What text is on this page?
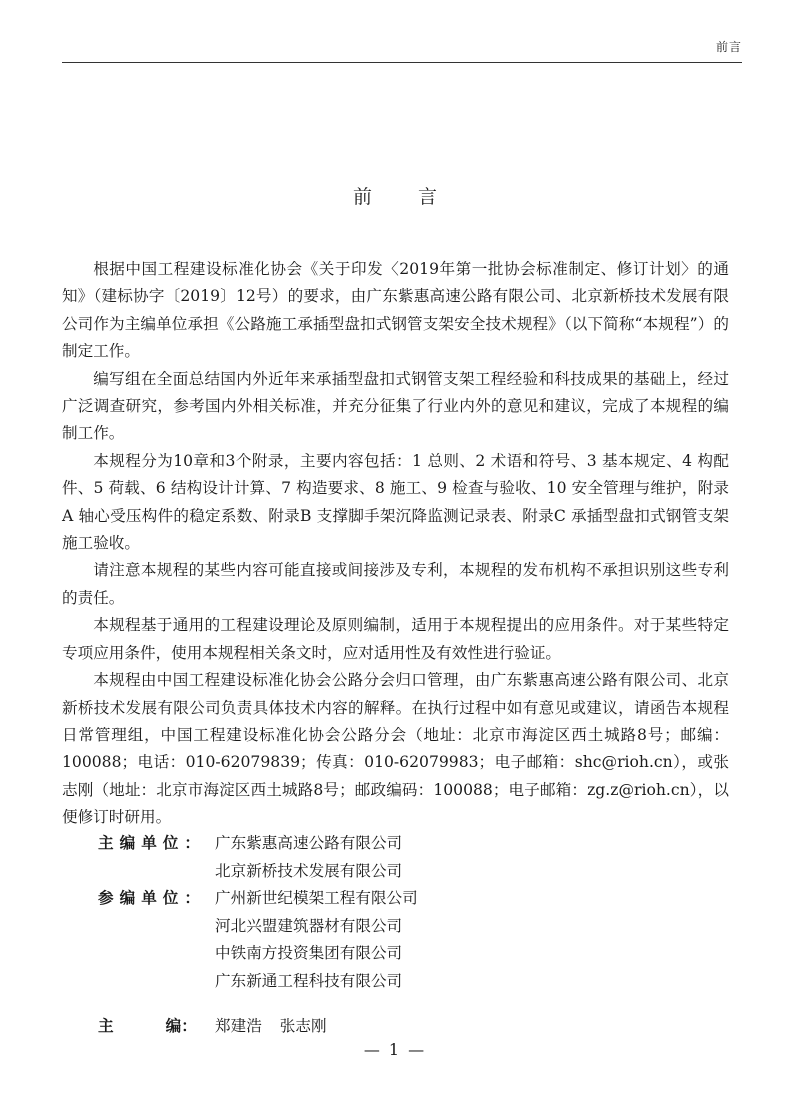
前言
前言

根据中国工程建设标准化协会《关于印发〈2019年第一批协会标准制定、修订计划〉的通知》（建标协字〔2019〕12号）的要求，由广东紫惠高速公路有限公司、北京新桥技术发展有限公司作为主编单位承担《公路施工承插型盘扣式钢管支架安全技术规程》（以下简称“本规程”）的制定工作。

编写组在全面总结国内外近年来承插型盘扣式钢管支架工程经验和科技成果的基础上，经过广泛调查研究，参考国内外相关标准，并充分征集了行业内外的意见和建议，完成了本规程的编制工作。

本规程分为10章和3个附录，主要内容包括：1 总则、2 术语和符号、3 基本规定、4 构配件、5 荷载、6 结构设计计算、7 构造要求、8 施工、9 检查与验收、10 安全管理与维护，附录A 轴心受压构件的稳定系数、附录B 支撑脚手架沉降监测记录表、附录C 承插型盘扣式钢管支架施工验收。

请注意本规程的某些内容可能直接或间接涉及专利，本规程的发布机构不承担识别这些专利的责任。

本规程基于通用的工程建设理论及原则编制，适用于本规程提出的应用条件。对于某些特定专项应用条件，使用本规程相关条文时，应对适用性及有效性进行验证。

本规程由中国工程建设标准化协会公路分会归口管理，由广东紫惠高速公路有限公司、北京新桥技术发展有限公司负责具体技术内容的解释。在执行过程中如有意见或建议，请函告本规程日常管理组，中国工程建设标准化协会公路分会（地址：北京市海淀区西土城路8号；邮编：100088；电话：010-62079839；传真：010-62079983；电子邮箱：shc@rioh.cn），或张志刚（地址：北京市海淀区西土城路8号；邮政编码：100088；电子邮箱：zg.z@rioh.cn），以便修订时研用。

主编单位： 广东紫惠高速公路有限公司
北京新桥技术发展有限公司
参编单位： 广州新世纪模架工程有限公司
河北兴盟建筑器材有限公司
中铁南方投资集团有限公司
广东新通工程科技有限公司
主	编：	郑建浩 张志刚
— 1 —
